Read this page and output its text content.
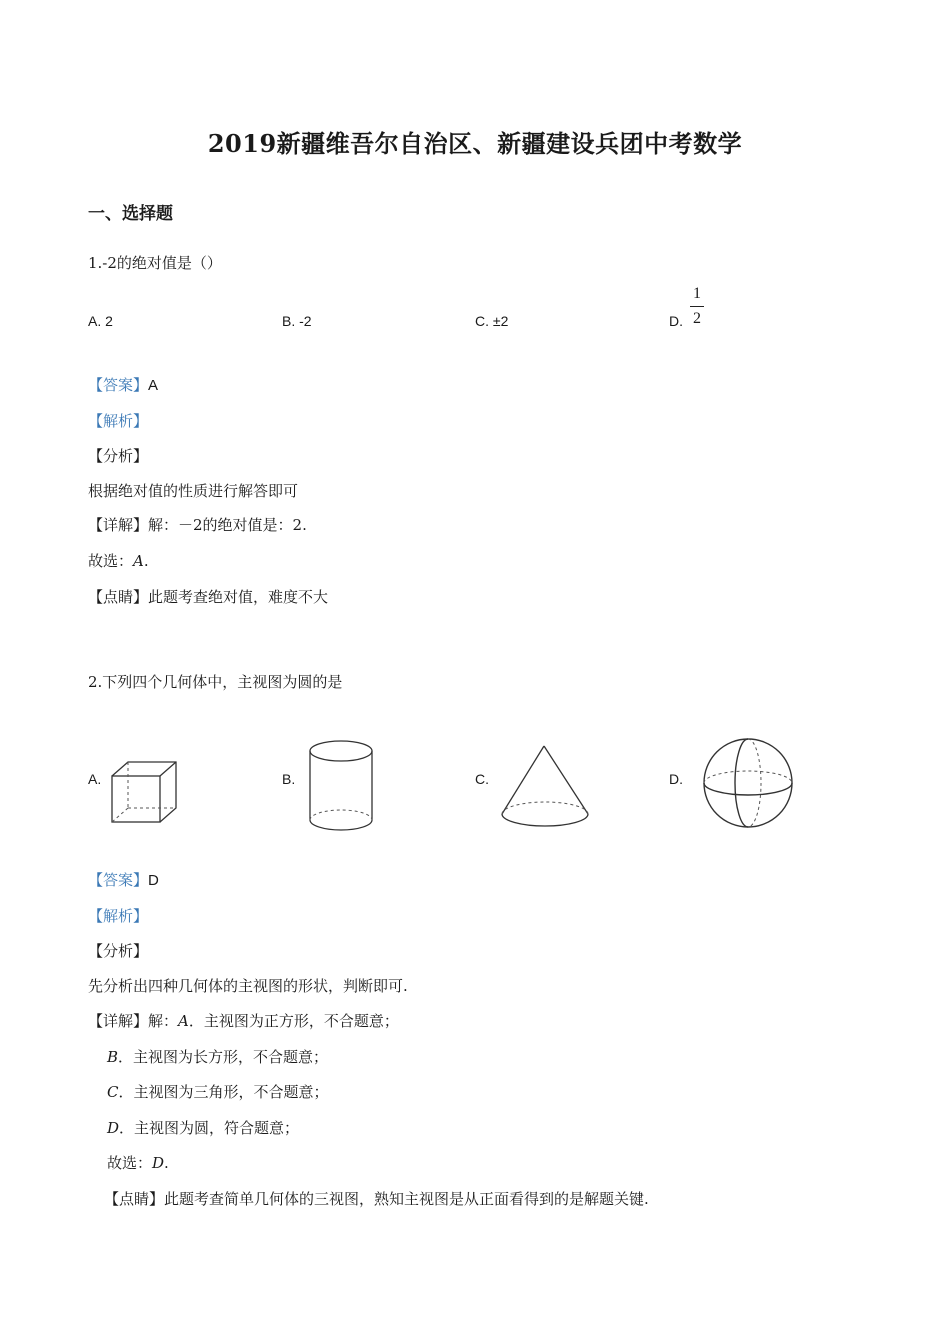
2019新疆维吾尔自治区、新疆建设兵团中考数学
一、选择题
1.-2的绝对值是（）
A. 2	B. -2	C. ±2	D.
1
2
【答案】A
【解析】
【分析】
根据绝对值的性质进行解答即可
【详解】解：－2的绝对值是：2.
故选：A.
【点睛】此题考查绝对值，难度不大
2.下列四个几何体中，主视图为圆的是
A.	B.	C.	D.
【答案】D
【解析】
【分析】
先分析出四种几何体的主视图的形状，判断即可.
【详解】解：A．主视图为正方形，不合题意；
B．主视图为长方形，不合题意；
C．主视图为三角形，不合题意；
D．主视图为圆，符合题意；
故选：D.
【点睛】此题考查简单几何体的三视图，熟知主视图是从正面看得到的是解题关键.
